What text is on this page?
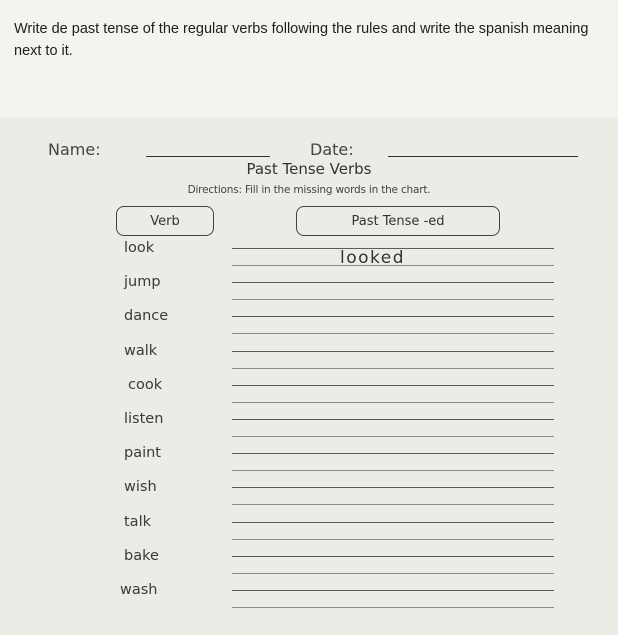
Write de past tense of the regular verbs following the rules and write the spanish meaning next to it.
Name:	Date:
Past Tense Verbs
Directions: Fill in the missing words in the chart.
Verb	Past Tense -ed
look	looked
jump
dance
walk
cook
listen
paint
wish
talk
bake
wash
